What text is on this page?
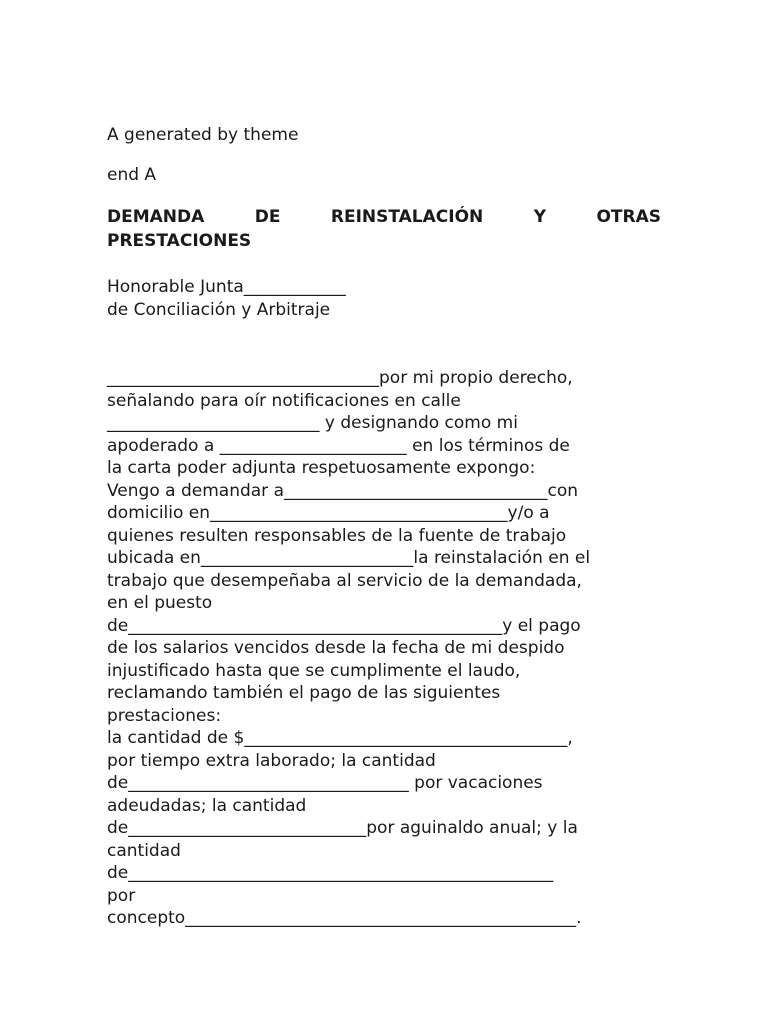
A generated by theme

end A

DEMANDA	DE	REINSTALACIÓN	Y	OTRAS
PRESTACIONES

Honorable Junta____________

de Conciliación y Arbitraje

________________________________por mi propio derecho,

señalando para oír notificaciones en calle

_________________________ y designando como mi

apoderado a ______________________ en los términos de

la carta poder adjunta respetuosamente expongo:

Vengo a demandar a_______________________________con

domicilio en___________________________________y/o a

quienes resulten responsables de la fuente de trabajo

ubicada en_________________________la reinstalación en el

trabajo que desempeñaba al servicio de la demandada,

en el puesto

de____________________________________________y el pago

de los salarios vencidos desde la fecha de mi despido

injustificado hasta que se cumplimente el laudo,

reclamando también el pago de las siguientes

prestaciones:

la cantidad de $______________________________________,

por tiempo extra laborado; la cantidad

de_________________________________ por vacaciones

adeudadas; la cantidad

de____________________________por aguinaldo anual; y la

cantidad

de__________________________________________________

por

concepto______________________________________________.
